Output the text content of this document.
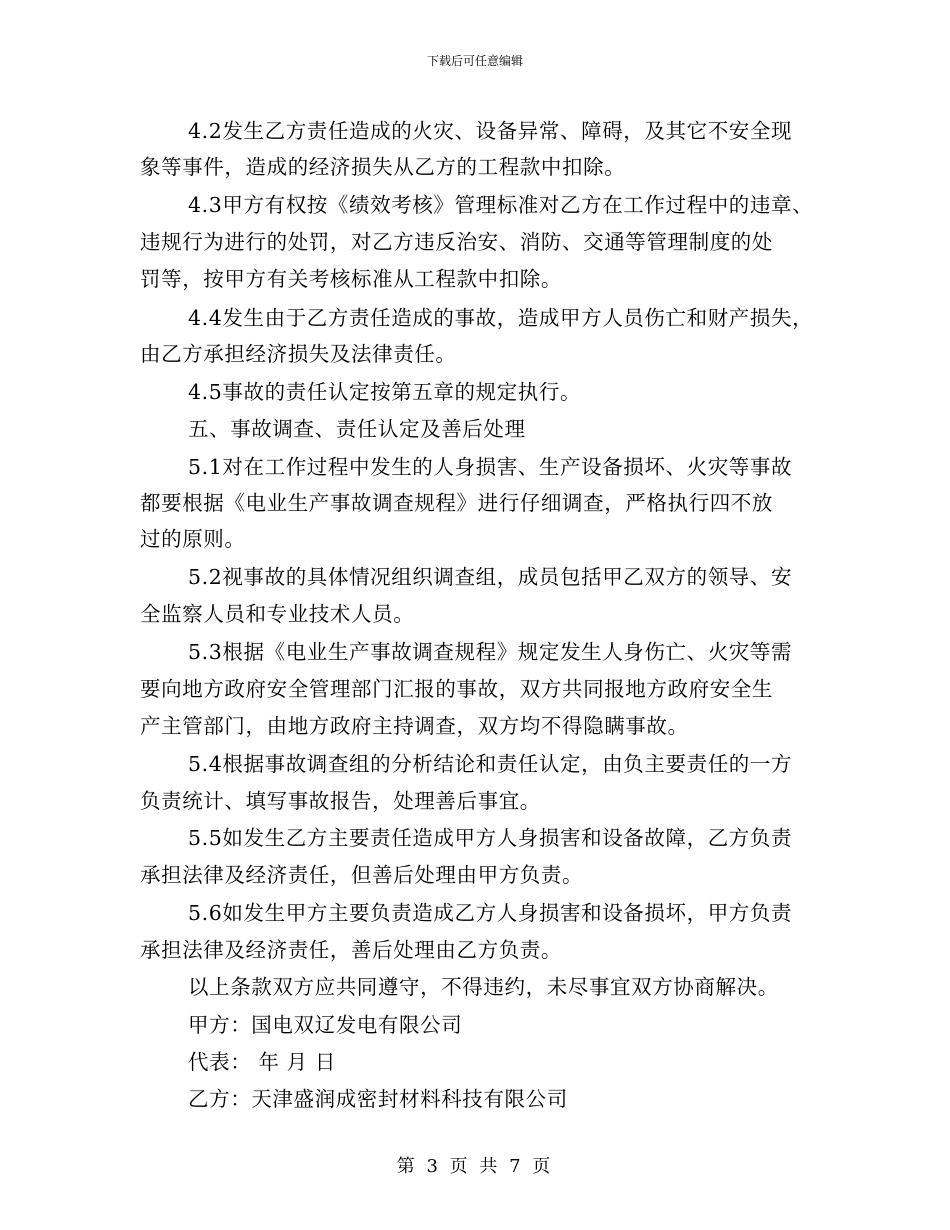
下载后可任意编辑
4.2发生乙方责任造成的火灾、设备异常、障碍，及其它不安全现
象等事件，造成的经济损失从乙方的工程款中扣除。
4.3甲方有权按《绩效考核》管理标准对乙方在工作过程中的违章、
违规行为进行的处罚，对乙方违反治安、消防、交通等管理制度的处
罚等，按甲方有关考核标准从工程款中扣除。
4.4发生由于乙方责任造成的事故，造成甲方人员伤亡和财产损失，
由乙方承担经济损失及法律责任。
4.5事故的责任认定按第五章的规定执行。
五、事故调查、责任认定及善后处理
5.1对在工作过程中发生的人身损害、生产设备损坏、火灾等事故
都要根据《电业生产事故调查规程》进行仔细调查，严格执行四不放
过的原则。
5.2视事故的具体情况组织调查组，成员包括甲乙双方的领导、安
全监察人员和专业技术人员。
5.3根据《电业生产事故调查规程》规定发生人身伤亡、火灾等需
要向地方政府安全管理部门汇报的事故，双方共同报地方政府安全生
产主管部门，由地方政府主持调查，双方均不得隐瞒事故。
5.4根据事故调查组的分析结论和责任认定，由负主要责任的一方
负责统计、填写事故报告，处理善后事宜。
5.5如发生乙方主要责任造成甲方人身损害和设备故障，乙方负责
承担法律及经济责任，但善后处理由甲方负责。
5.6如发生甲方主要负责造成乙方人身损害和设备损坏，甲方负责
承担法律及经济责任，善后处理由乙方负责。
以上条款双方应共同遵守，不得违约，未尽事宜双方协商解决。
甲方：国电双辽发电有限公司
代表： 年 月 日
乙方：天津盛润成密封材料科技有限公司
第 3 页 共 7 页
